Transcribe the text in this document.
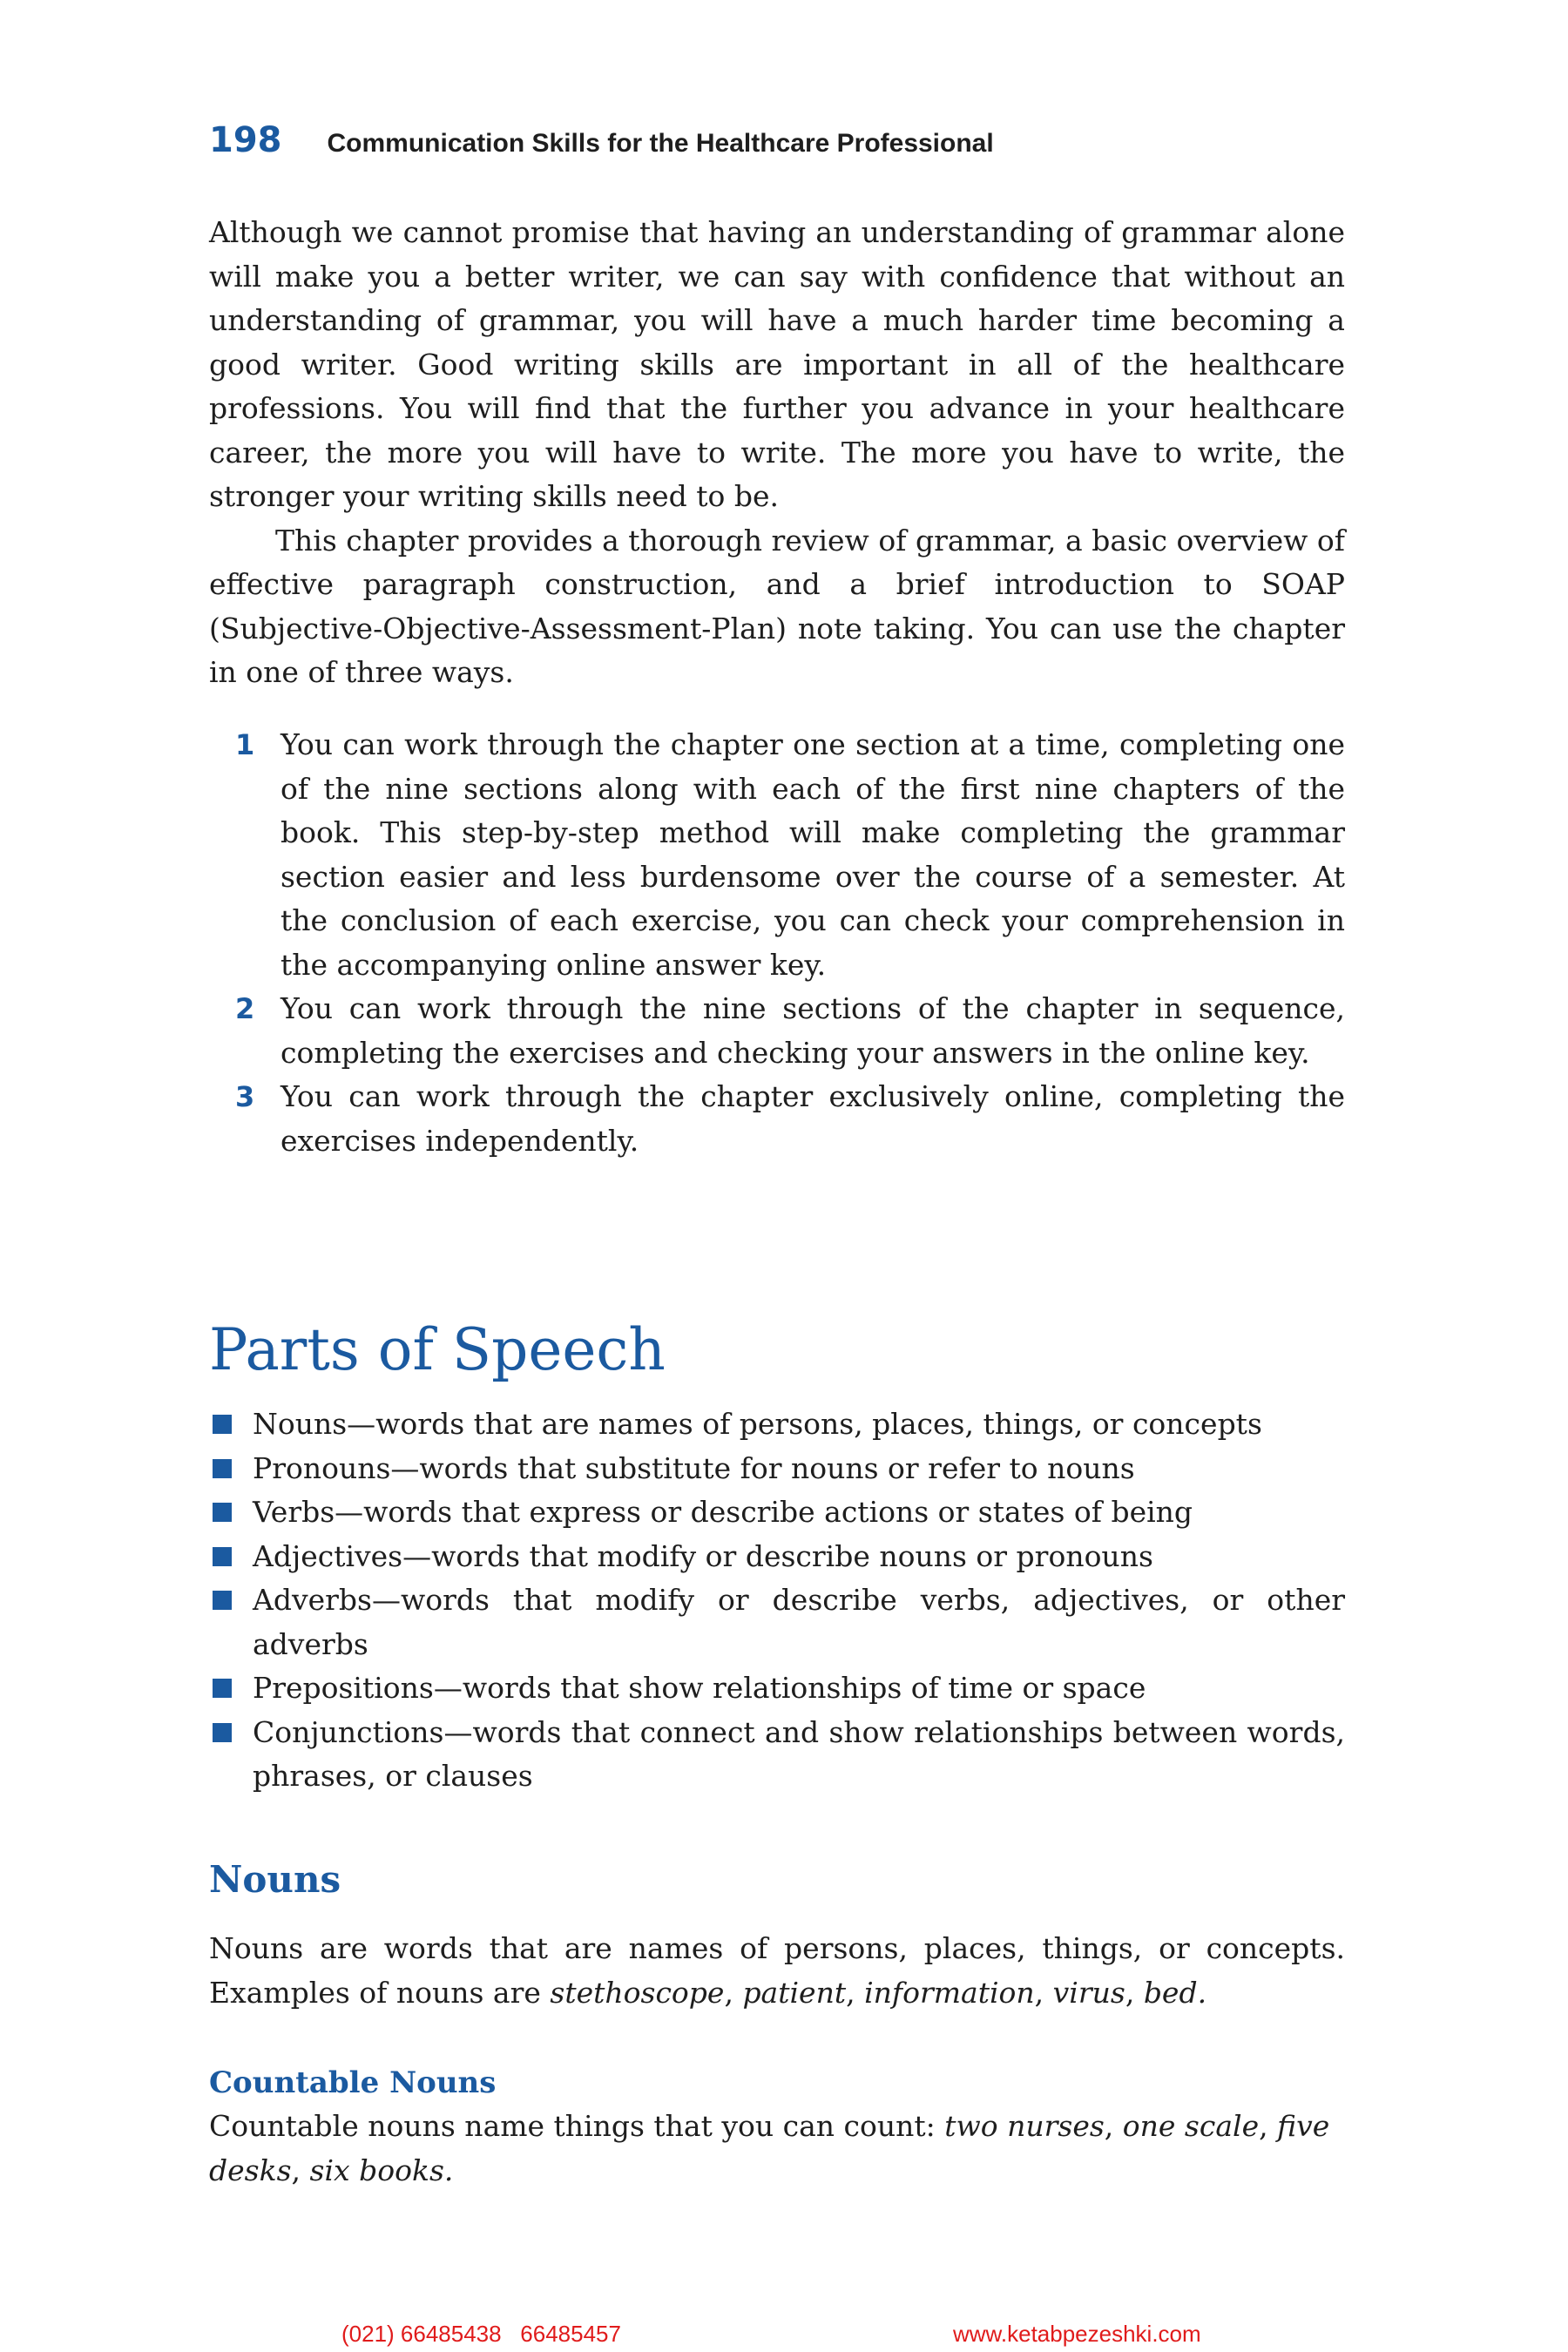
198 Communication Skills for the Healthcare Professional

Although we cannot promise that having an understanding of grammar alone will make you a better writer, we can say with confidence that without an understanding of grammar, you will have a much harder time becoming a good writer. Good writing skills are important in all of the healthcare professions. You will find that the further you advance in your healthcare career, the more you will have to write. The more you have to write, the stronger your writing skills need to be.

This chapter provides a thorough review of grammar, a basic overview of effective paragraph construction, and a brief introduction to SOAP (Subjective-Objective-Assessment-Plan) note taking. You can use the chapter in one of three ways.

1 You can work through the chapter one section at a time, completing one of the nine sections along with each of the first nine chapters of the book. This step-by-step method will make completing the grammar section easier and less burdensome over the course of a semester. At the conclusion of each exercise, you can check your comprehension in the accompanying online answer key.
2 You can work through the nine sections of the chapter in sequence, completing the exercises and checking your answers in the online key.
3 You can work through the chapter exclusively online, completing the exercises independently.
Parts of Speech
Nouns—words that are names of persons, places, things, or concepts
Pronouns—words that substitute for nouns or refer to nouns
Verbs—words that express or describe actions or states of being
Adjectives—words that modify or describe nouns or pronouns
Adverbs—words that modify or describe verbs, adjectives, or other adverbs
Prepositions—words that show relationships of time or space
Conjunctions—words that connect and show relationships between words, phrases, or clauses
Nouns

Nouns are words that are names of persons, places, things, or concepts. Examples of nouns are stethoscope, patient, information, virus, bed.

Countable Nouns

Countable nouns name things that you can count: two nurses, one scale, five desks, six books.

(021) 66485438   66485457	www.ketabpezeshki.com
